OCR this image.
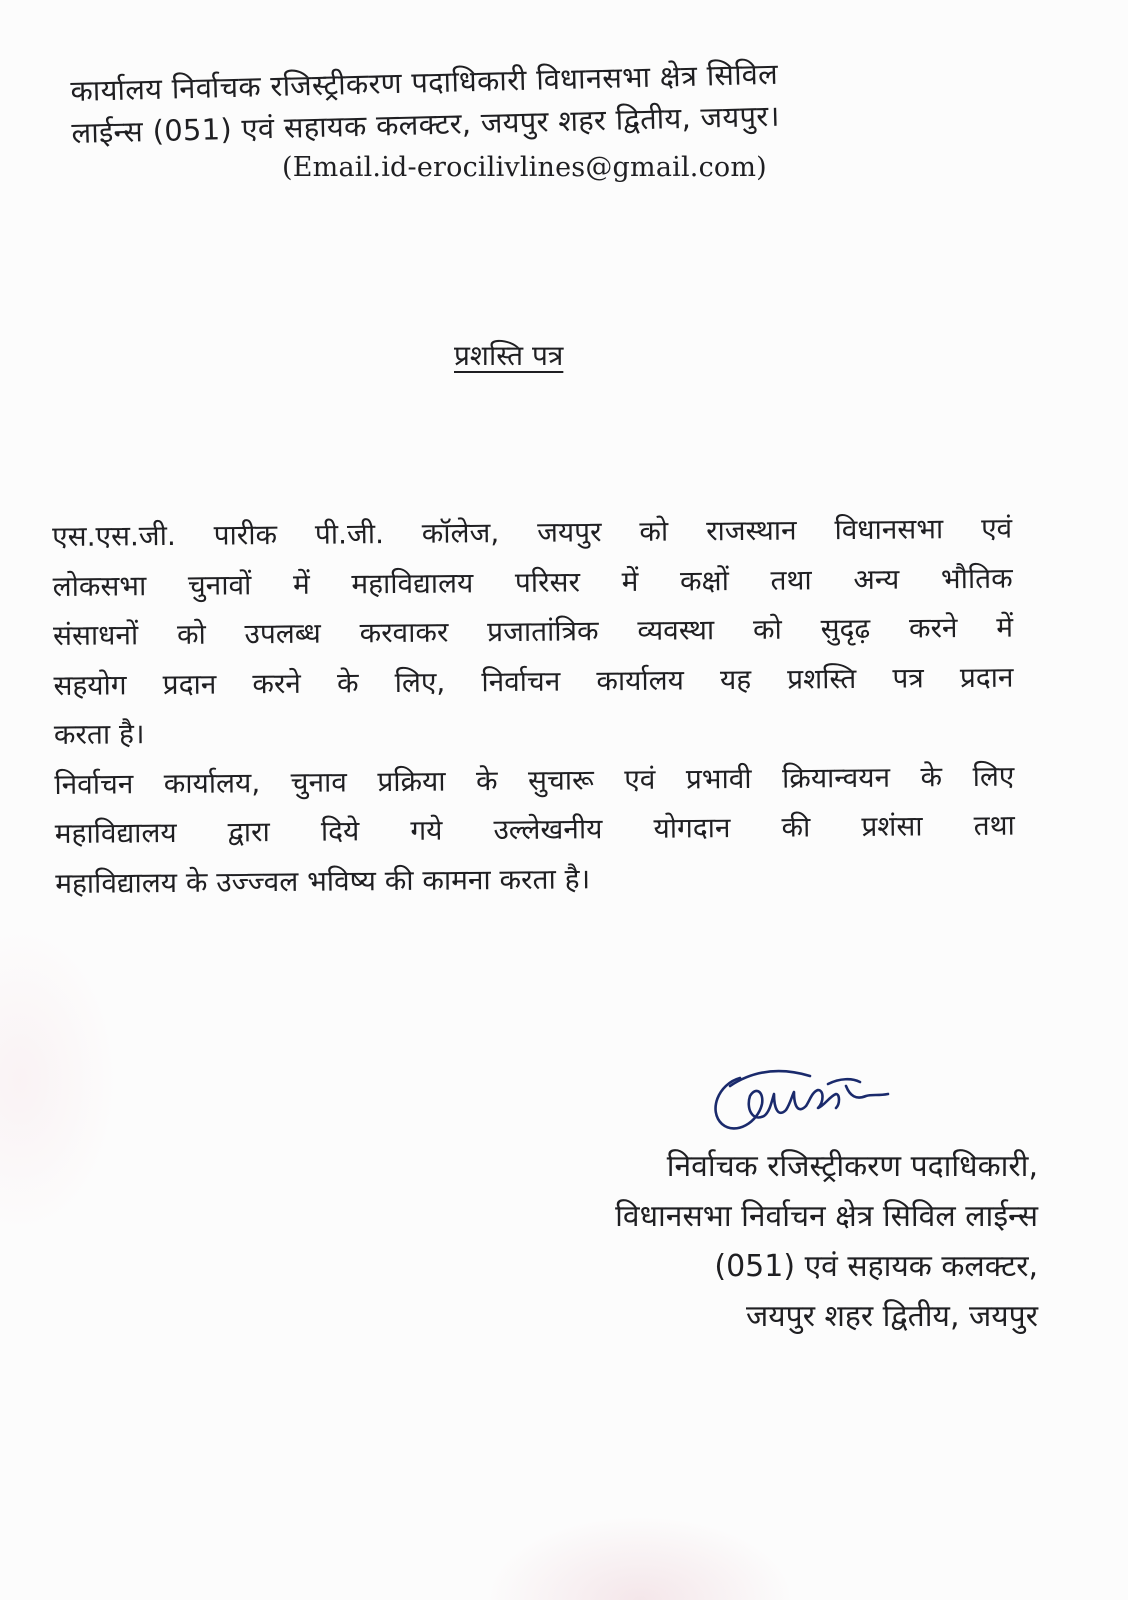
कार्यालय निर्वाचक रजिस्ट्रीकरण पदाधिकारी विधानसभा क्षेत्र सिविल
लाईन्स (051) एवं सहायक कलक्टर, जयपुर शहर द्वितीय, जयपुर।
(Email.id-erocilivlines@gmail.com)
प्रशस्ति पत्र
एस.एस.जी. पारीक पी.जी. कॉलेज, जयपुर को राजस्थान विधानसभा एवं
लोकसभा चुनावों में महाविद्यालय परिसर में कक्षों तथा अन्य भौतिक
संसाधनों को उपलब्ध करवाकर प्रजातांत्रिक व्यवस्था को सुदृढ़ करने में
सहयोग प्रदान करने के लिए, निर्वाचन कार्यालय यह प्रशस्ति पत्र प्रदान
करता है।
निर्वाचन कार्यालय, चुनाव प्रक्रिया के सुचारू एवं प्रभावी क्रियान्वयन के लिए
महाविद्यालय द्वारा दिये गये उल्लेखनीय योगदान की प्रशंसा तथा
महाविद्यालय के उज्ज्वल भविष्य की कामना करता है।
निर्वाचक रजिस्ट्रीकरण पदाधिकारी,
विधानसभा निर्वाचन क्षेत्र सिविल लाईन्स
(051) एवं सहायक कलक्टर,
जयपुर शहर द्वितीय, जयपुर
